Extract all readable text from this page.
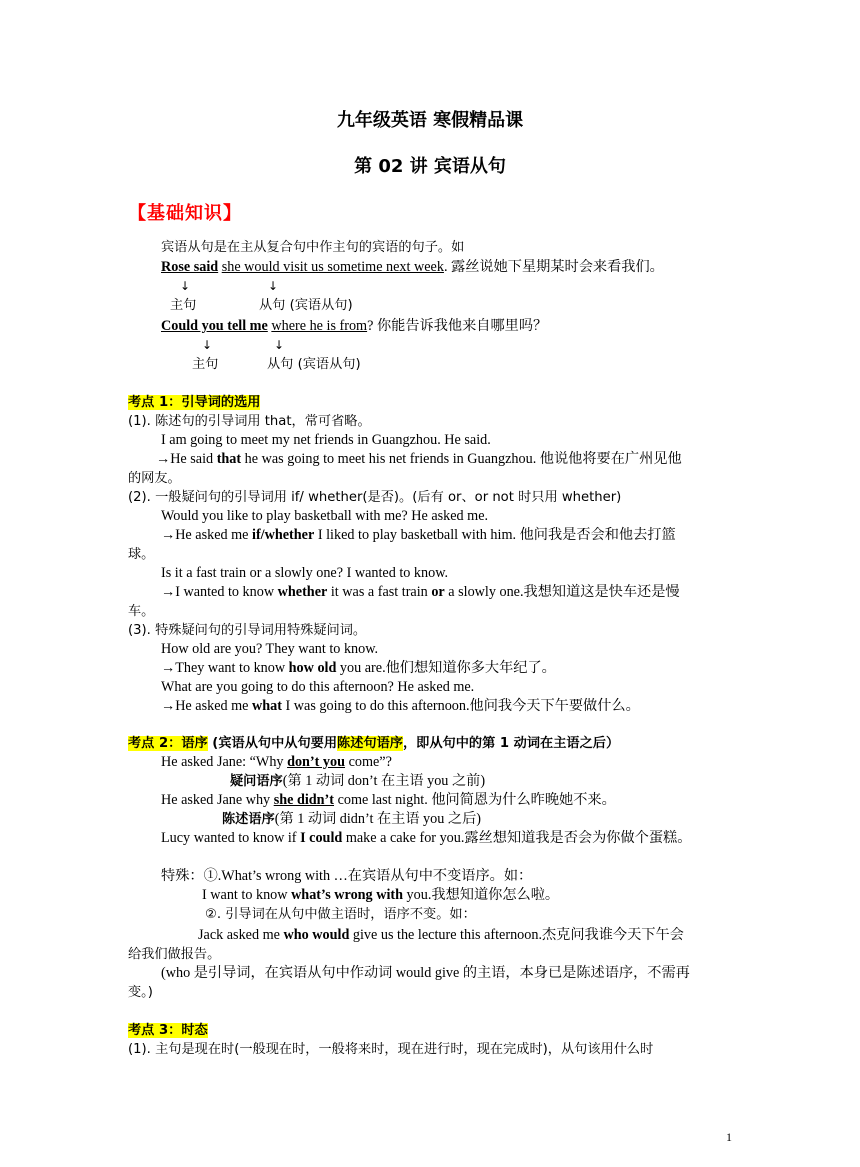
九年级英语 寒假精品课
第 02 讲 宾语从句
【基础知识】
宾语从句是在主从复合句中作主句的宾语的句子。如
Rose said she would visit us sometime next week. 露丝说她下星期某时会来看我们。
↓	↓
主句	从句 (宾语从句)
Could you tell me where he is from? 你能告诉我他来自哪里吗？
↓	↓
主句	从句 (宾语从句)
考点 1：引导词的选用
(1). 陈述句的引导词用 that，常可省略。
I am going to meet my net friends in Guangzhou. He said.
→He said that he was going to meet his net friends in Guangzhou. 他说他将要在广州见他
的网友。
(2). 一般疑问句的引导词用 if/ whether(是否)。(后有 or、or not 时只用 whether)
Would you like to play basketball with me? He asked me.
→He asked me if/whether I liked to play basketball with him. 他问我是否会和他去打篮
球。
Is it a fast train or a slowly one? I wanted to know.
→I wanted to know whether it was a fast train or a slowly one.我想知道这是快车还是慢
车。
(3). 特殊疑问句的引导词用特殊疑问词。
How old are you? They want to know.
→They want to know how old you are.他们想知道你多大年纪了。
What are you going to do this afternoon? He asked me.
→He asked me what I was going to do this afternoon.他问我今天下午要做什么。
考点 2：语序 (宾语从句中从句要用陈述句语序，即从句中的第 1 动词在主语之后）
He asked Jane: “Why don’t you come”?
疑问语序(第 1 动词 don’t 在主语 you 之前)
He asked Jane why she didn’t come last night. 他问简恩为什么昨晚她不来。
陈述语序(第 1 动词 didn’t 在主语 you 之后)
Lucy wanted to know if I could make a cake for you.露丝想知道我是否会为你做个蛋糕。
特殊：①.What’s wrong with …在宾语从句中不变语序。如：
I want to know what’s wrong with you.我想知道你怎么啦。
②. 引导词在从句中做主语时，语序不变。如：
Jack asked me who would give us the lecture this afternoon.杰克问我谁今天下午会
给我们做报告。
(who 是引导词，在宾语从句中作动词 would give 的主语，本身已是陈述语序，不需再
变。)
考点 3：时态
(1). 主句是现在时(一般现在时，一般将来时，现在进行时，现在完成时)，从句该用什么时
1
